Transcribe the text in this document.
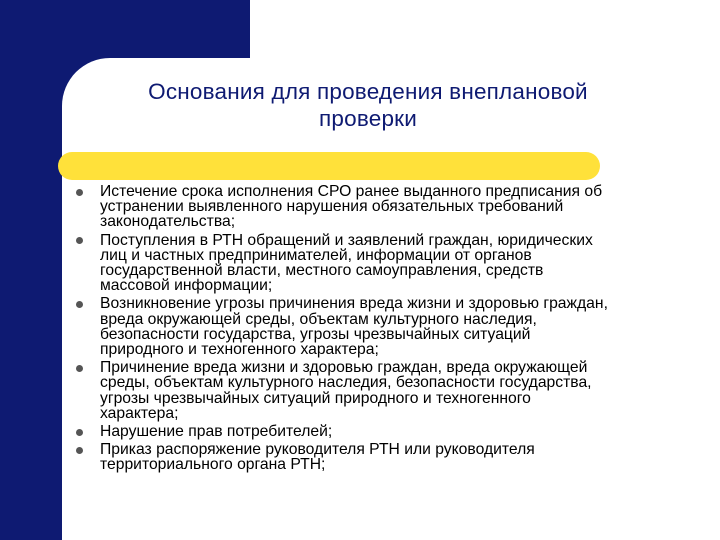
Основания для проведения внеплановой
проверки
Истечение срока исполнения СРО ранее выданного предписания об
устранении выявленного нарушения обязательных требований
законодательства;
Поступления в РТН обращений и заявлений граждан, юридических
лиц и частных предпринимателей, информации от органов
государственной власти, местного самоуправления, средств
массовой информации;
Возникновение угрозы причинения вреда жизни и здоровью граждан,
вреда окружающей среды, объектам культурного наследия,
безопасности государства, угрозы чрезвычайных ситуаций
природного и техногенного характера;
Причинение вреда жизни и здоровью граждан, вреда окружающей
среды, объектам культурного наследия, безопасности государства,
угрозы чрезвычайных ситуаций природного и техногенного
характера;
Нарушение прав потребителей;
Приказ распоряжение руководителя РТН или руководителя
территориального органа РТН;
